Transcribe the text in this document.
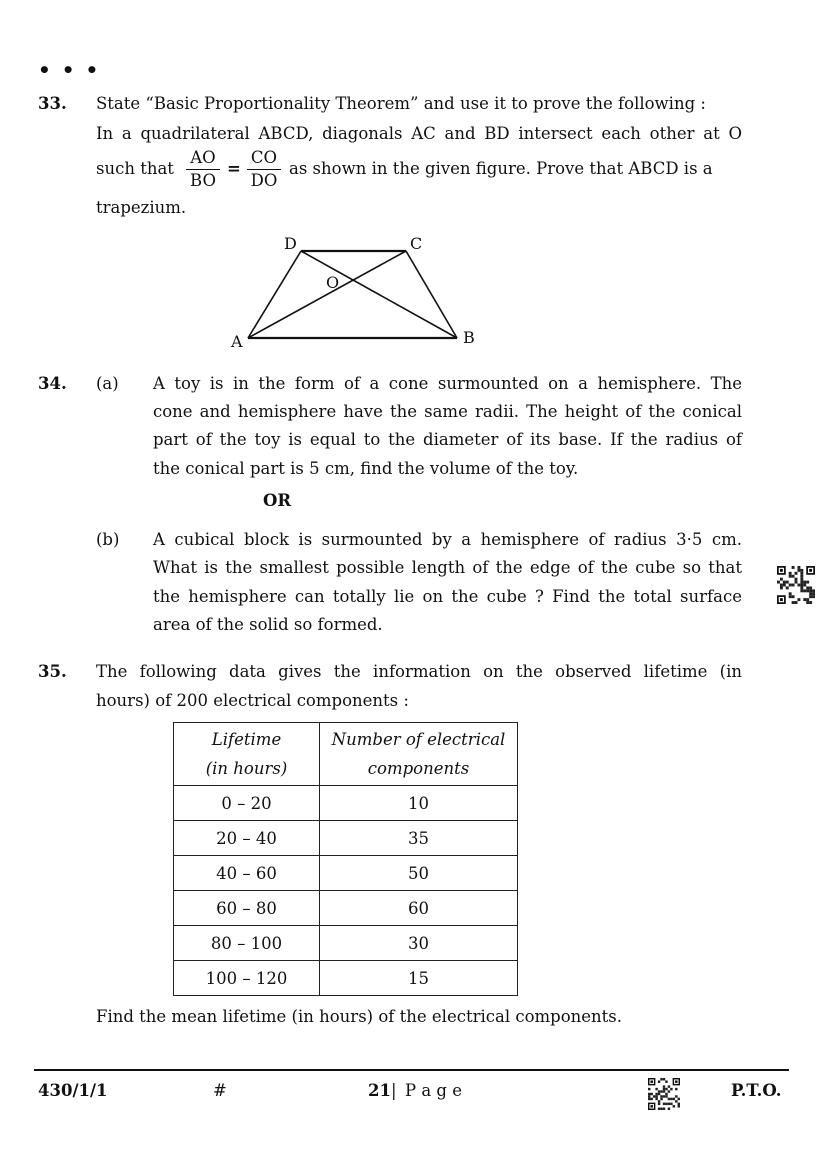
• • •
33. State “Basic Proportionality Theorem” and use it to prove the following :
In a quadrilateral ABCD, diagonals AC and BD intersect each other at O
such that $\frac{AO}{BO} = \frac{CO}{DO}$ as shown in the given figure. Prove that ABCD is a
trapezium.
D	C
O
A	B
34. (a) A toy is in the form of a cone surmounted on a hemisphere. The
cone and hemisphere have the same radii. The height of the conical
part of the toy is equal to the diameter of its base. If the radius of
the conical part is 5 cm, find the volume of the toy.
OR
(b) A cubical block is surmounted by a hemisphere of radius 3·5 cm.
What is the smallest possible length of the edge of the cube so that
the hemisphere can totally lie on the cube ? Find the total surface
area of the solid so formed.
35. The following data gives the information on the observed lifetime (in
hours) of 200 electrical components :
Lifetime
(in hours)	Number of electrical
components

0 – 20	10
20 – 40	35
40 – 60	50
60 – 80	60
80 – 100	30
100 – 120	15
Find the mean lifetime (in hours) of the electrical components.
430/1/1	#	21 | P a g e	P.T.O.
